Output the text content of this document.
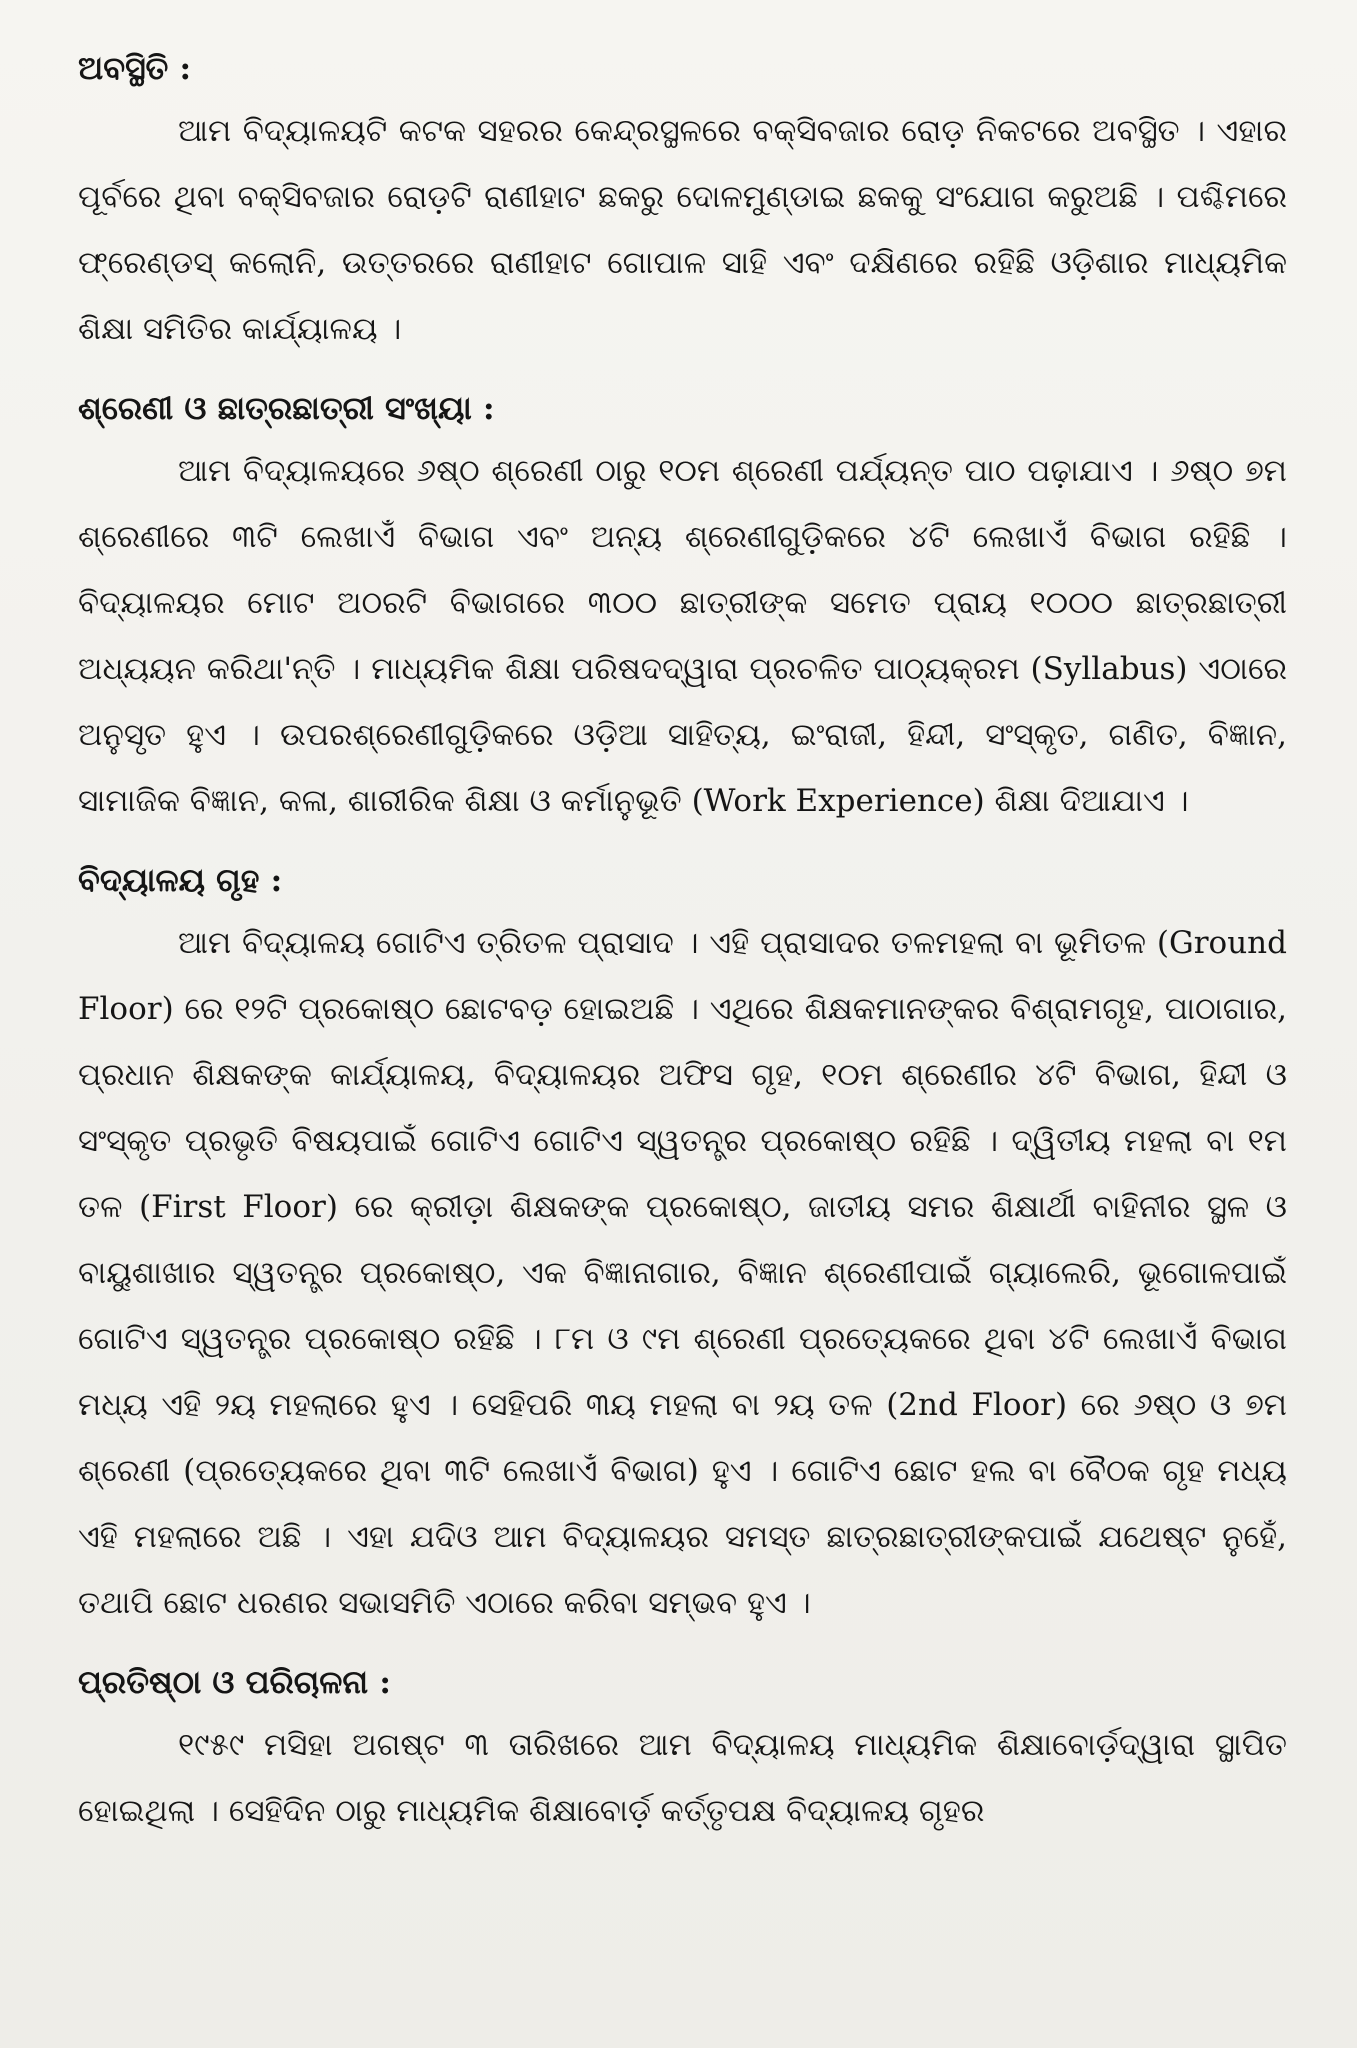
ଅବସ୍ଥିତି :

ଆମ ବିଦ୍ୟାଳୟଟି କଟକ ସହରର କେନ୍ଦ୍ରସ୍ଥଳରେ ବକ୍ସିବଜାର ରୋଡ଼ ନିକଟରେ ଅବସ୍ଥିତ । ଏହାର ପୂର୍ବରେ ଥିବା ବକ୍ସିବଜାର ରୋଡ଼ଟି ରାଣୀହାଟ ଛକରୁ ଦୋଳମୁଣ୍ଡାଇ ଛକକୁ ସଂଯୋଗ କରୁଅଛି । ପଶ୍ଚିମରେ ଫ୍ରେଣ୍ଡସ୍ କଲୋନି, ଉତ୍ତରରେ ରାଣୀହାଟ ଗୋପାଳ ସାହି ଏବଂ ଦକ୍ଷିଣରେ ରହିଛି ଓଡ଼ିଶାର ମାଧ୍ୟମିକ ଶିକ୍ଷା ସମିତିର କାର୍ଯ୍ୟାଳୟ ।

ଶ୍ରେଣୀ ଓ ଛାତ୍ରଛାତ୍ରୀ ସଂଖ୍ୟା :

ଆମ ବିଦ୍ୟାଳୟରେ ୬ଷ୍ଠ ଶ୍ରେଣୀ ଠାରୁ ୧୦ମ ଶ୍ରେଣୀ ପର୍ଯ୍ୟନ୍ତ ପାଠ ପଢ଼ାଯାଏ । ୬ଷ୍ଠ ୭ମ ଶ୍ରେଣୀରେ ୩ଟି ଲେଖାଏଁ ବିଭାଗ ଏବଂ ଅନ୍ୟ ଶ୍ରେଣୀଗୁଡ଼ିକରେ ୪ଟି ଲେଖାଏଁ ବିଭାଗ ରହିଛି । ବିଦ୍ୟାଳୟର ମୋଟ ଅଠରଟି ବିଭାଗରେ ୩୦୦ ଛାତ୍ରୀଙ୍କ ସମେତ ପ୍ରାୟ ୧୦୦୦ ଛାତ୍ରଛାତ୍ରୀ ଅଧ୍ୟୟନ କରିଥା'ନ୍ତି । ମାଧ୍ୟମିକ ଶିକ୍ଷା ପରିଷଦଦ୍ୱାରା ପ୍ରଚଳିତ ପାଠ୍ୟକ୍ରମ (Syllabus) ଏଠାରେ ଅନୁସୃତ ହୁଏ । ଉପରଶ୍ରେଣୀଗୁଡ଼ିକରେ ଓଡ଼ିଆ ସାହିତ୍ୟ, ଇଂରାଜୀ, ହିନ୍ଦୀ, ସଂସ୍କୃତ, ଗଣିତ, ବିଜ୍ଞାନ, ସାମାଜିକ ବିଜ୍ଞାନ, କଳା, ଶାରୀରିକ ଶିକ୍ଷା ଓ କର୍ମାନୁଭୂତି (Work Experience) ଶିକ୍ଷା ଦିଆଯାଏ ।

ବିଦ୍ୟାଳୟ ଗୃହ :

ଆମ ବିଦ୍ୟାଳୟ ଗୋଟିଏ ତ୍ରିତଳ ପ୍ରାସାଦ । ଏହି ପ୍ରାସାଦର ତଳମହଲା ବା ଭୂମିତଳ (Ground Floor) ରେ ୧୨ଟି ପ୍ରକୋଷ୍ଠ ଛୋଟବଡ଼ ହୋଇଅଛି । ଏଥିରେ ଶିକ୍ଷକମାନଙ୍କର ବିଶ୍ରାମଗୃହ, ପାଠାଗାର, ପ୍ରଧାନ ଶିକ୍ଷକଙ୍କ କାର୍ଯ୍ୟାଳୟ, ବିଦ୍ୟାଳୟର ଅଫିସ ଗୃହ, ୧୦ମ ଶ୍ରେଣୀର ୪ଟି ବିଭାଗ, ହିନ୍ଦୀ ଓ ସଂସ୍କୃତ ପ୍ରଭୃତି ବିଷୟପାଇଁ ଗୋଟିଏ ଗୋଟିଏ ସ୍ୱତନ୍ତ୍ର ପ୍ରକୋଷ୍ଠ ରହିଛି । ଦ୍ୱିତୀୟ ମହଲା ବା ୧ମ ତଳ (First Floor) ରେ କ୍ରୀଡ଼ା ଶିକ୍ଷକଙ୍କ ପ୍ରକୋଷ୍ଠ, ଜାତୀୟ ସମର ଶିକ୍ଷାର୍ଥୀ ବାହିନୀର ସ୍ଥଳ ଓ ବାୟୁଶାଖାର ସ୍ୱତନ୍ତ୍ର ପ୍ରକୋଷ୍ଠ, ଏକ ବିଜ୍ଞାନାଗାର, ବିଜ୍ଞାନ ଶ୍ରେଣୀପାଇଁ ଗ୍ୟାଲେରି, ଭୂଗୋଳପାଇଁ ଗୋଟିଏ ସ୍ୱତନ୍ତ୍ର ପ୍ରକୋଷ୍ଠ ରହିଛି । ୮ମ ଓ ୯ମ ଶ୍ରେଣୀ ପ୍ରତ୍ୟେକରେ ଥିବା ୪ଟି ଲେଖାଏଁ ବିଭାଗ ମଧ୍ୟ ଏହି ୨ୟ ମହଲାରେ ହୁଏ । ସେହିପରି ୩ୟ ମହଲା ବା ୨ୟ ତଳ (2nd Floor) ରେ ୬ଷ୍ଠ ଓ ୭ମ ଶ୍ରେଣୀ (ପ୍ରତ୍ୟେକରେ ଥିବା ୩ଟି ଲେଖାଏଁ ବିଭାଗ) ହୁଏ । ଗୋଟିଏ ଛୋଟ ହଲ ବା ବୈଠକ ଗୃହ ମଧ୍ୟ ଏହି ମହଲାରେ ଅଛି । ଏହା ଯଦିଓ ଆମ ବିଦ୍ୟାଳୟର ସମସ୍ତ ଛାତ୍ରଛାତ୍ରୀଙ୍କପାଇଁ ଯଥେଷ୍ଟ ନୁହେଁ, ତଥାପି ଛୋଟ ଧରଣର ସଭାସମିତି ଏଠାରେ କରିବା ସମ୍ଭବ ହୁଏ ।

ପ୍ରତିଷ୍ଠା ଓ ପରିଚାଳନା :

୧୯୫୯ ମସିହା ଅଗଷ୍ଟ ୩ ତାରିଖରେ ଆମ ବିଦ୍ୟାଳୟ ମାଧ୍ୟମିକ ଶିକ୍ଷାବୋର୍ଡ଼ଦ୍ୱାରା ସ୍ଥାପିତ ହୋଇଥିଲା । ସେହିଦିନ ଠାରୁ ମାଧ୍ୟମିକ ଶିକ୍ଷାବୋର୍ଡ଼ କର୍ତ୍ତୃପକ୍ଷ ବିଦ୍ୟାଳୟ ଗୃହର
